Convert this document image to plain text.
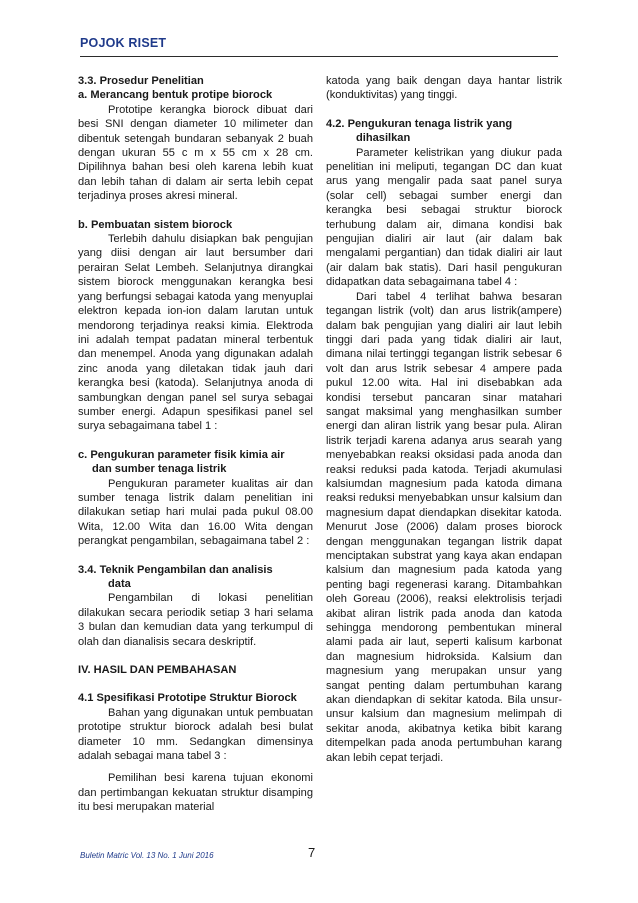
POJOK RISET

3.3. Prosedur Penelitian

a. Merancang bentuk protipe biorock

Prototipe kerangka biorock dibuat dari besi SNI dengan diameter 10 milimeter dan dibentuk setengah bundaran sebanyak 2 buah dengan ukuran 55 c m x 55 cm x 28 cm. Dipilihnya bahan besi oleh karena lebih kuat dan lebih tahan di dalam air serta lebih cepat terjadinya proses akresi mineral.

b. Pembuatan sistem biorock

Terlebih dahulu disiapkan bak pengujian yang diisi dengan air laut bersumber dari perairan Selat Lembeh. Selanjutnya dirangkai sistem biorock menggunakan kerangka besi yang berfungsi sebagai katoda yang menyuplai elektron kepada ion-ion dalam larutan untuk mendorong terjadinya reaksi kimia. Elektroda ini adalah tempat padatan mineral terbentuk dan menempel. Anoda yang digunakan adalah zinc anoda yang diletakan tidak jauh dari kerangka besi (katoda). Selanjutnya anoda di sambungkan dengan panel sel surya sebagai sumber energi. Adapun spesifikasi panel sel surya sebagaimana tabel 1 :

c. Pengukuran parameter fisik kimia air

dan sumber tenaga listrik

Pengukuran parameter kualitas air dan sumber tenaga listrik dalam penelitian ini dilakukan setiap hari mulai pada pukul 08.00 Wita, 12.00 Wita dan 16.00 Wita dengan perangkat pengambilan, sebagaimana tabel 2 :

3.4. Teknik Pengambilan dan analisis

data

Pengambilan di lokasi penelitian dilakukan secara periodik setiap 3 hari selama 3 bulan dan kemudian data yang terkumpul di olah dan dianalisis secara deskriptif.

IV. HASIL DAN PEMBAHASAN

4.1 Spesifikasi Prototipe Struktur Biorock

Bahan yang digunakan untuk pembuatan prototipe struktur biorock adalah besi bulat diameter 10 mm. Sedangkan dimensinya adalah sebagai mana tabel 3 :

Pemilihan besi karena tujuan ekonomi dan pertimbangan kekuatan struktur disamping itu besi merupakan material

katoda yang baik dengan daya hantar listrik (konduktivitas) yang tinggi.

4.2. Pengukuran tenaga listrik yang

dihasilkan

Parameter kelistrikan yang diukur pada penelitian ini meliputi, tegangan DC dan kuat arus yang mengalir pada saat panel surya (solar cell) sebagai sumber energi dan kerangka besi sebagai struktur biorock terhubung dalam air, dimana kondisi bak pengujian dialiri air laut (air dalam bak mengalami pergantian) dan tidak dialiri air laut (air dalam bak statis). Dari hasil pengukuran didapatkan data sebagaimana tabel 4 :

Dari tabel 4 terlihat bahwa besaran tegangan listrik (volt) dan arus listrik(ampere) dalam bak pengujian yang dialiri air laut lebih tinggi dari pada yang tidak dialiri air laut, dimana nilai tertinggi tegangan listrik sebesar 6 volt dan arus lstrik sebesar 4 ampere pada pukul 12.00 wita. Hal ini disebabkan ada kondisi tersebut pancaran sinar matahari sangat maksimal yang menghasilkan sumber energi dan aliran listrik yang besar pula. Aliran listrik terjadi karena adanya arus searah yang menyebabkan reaksi oksidasi pada anoda dan reaksi reduksi pada katoda. Terjadi akumulasi kalsiumdan magnesium pada katoda dimana reaksi reduksi menyebabkan unsur kalsium dan magnesium dapat diendapkan disekitar katoda. Menurut Jose (2006) dalam proses biorock dengan menggunakan tegangan listrik dapat menciptakan substrat yang kaya akan endapan kalsium dan magnesium pada katoda yang penting bagi regenerasi karang. Ditambahkan oleh Goreau (2006), reaksi elektrolisis terjadi akibat aliran listrik pada anoda dan katoda sehingga mendorong pembentukan mineral alami pada air laut, seperti kalisum karbonat dan magnesium hidroksida. Kalsium dan magnesium yang merupakan unsur yang sangat penting dalam pertumbuhan karang akan diendapkan di sekitar katoda. Bila unsur-unsur kalsium dan magnesium melimpah di sekitar anoda, akibatnya ketika bibit karang ditempelkan pada anoda pertumbuhan karang akan lebih cepat terjadi.

Buletin Matric Vol. 13 No. 1 Juni 2016	7
